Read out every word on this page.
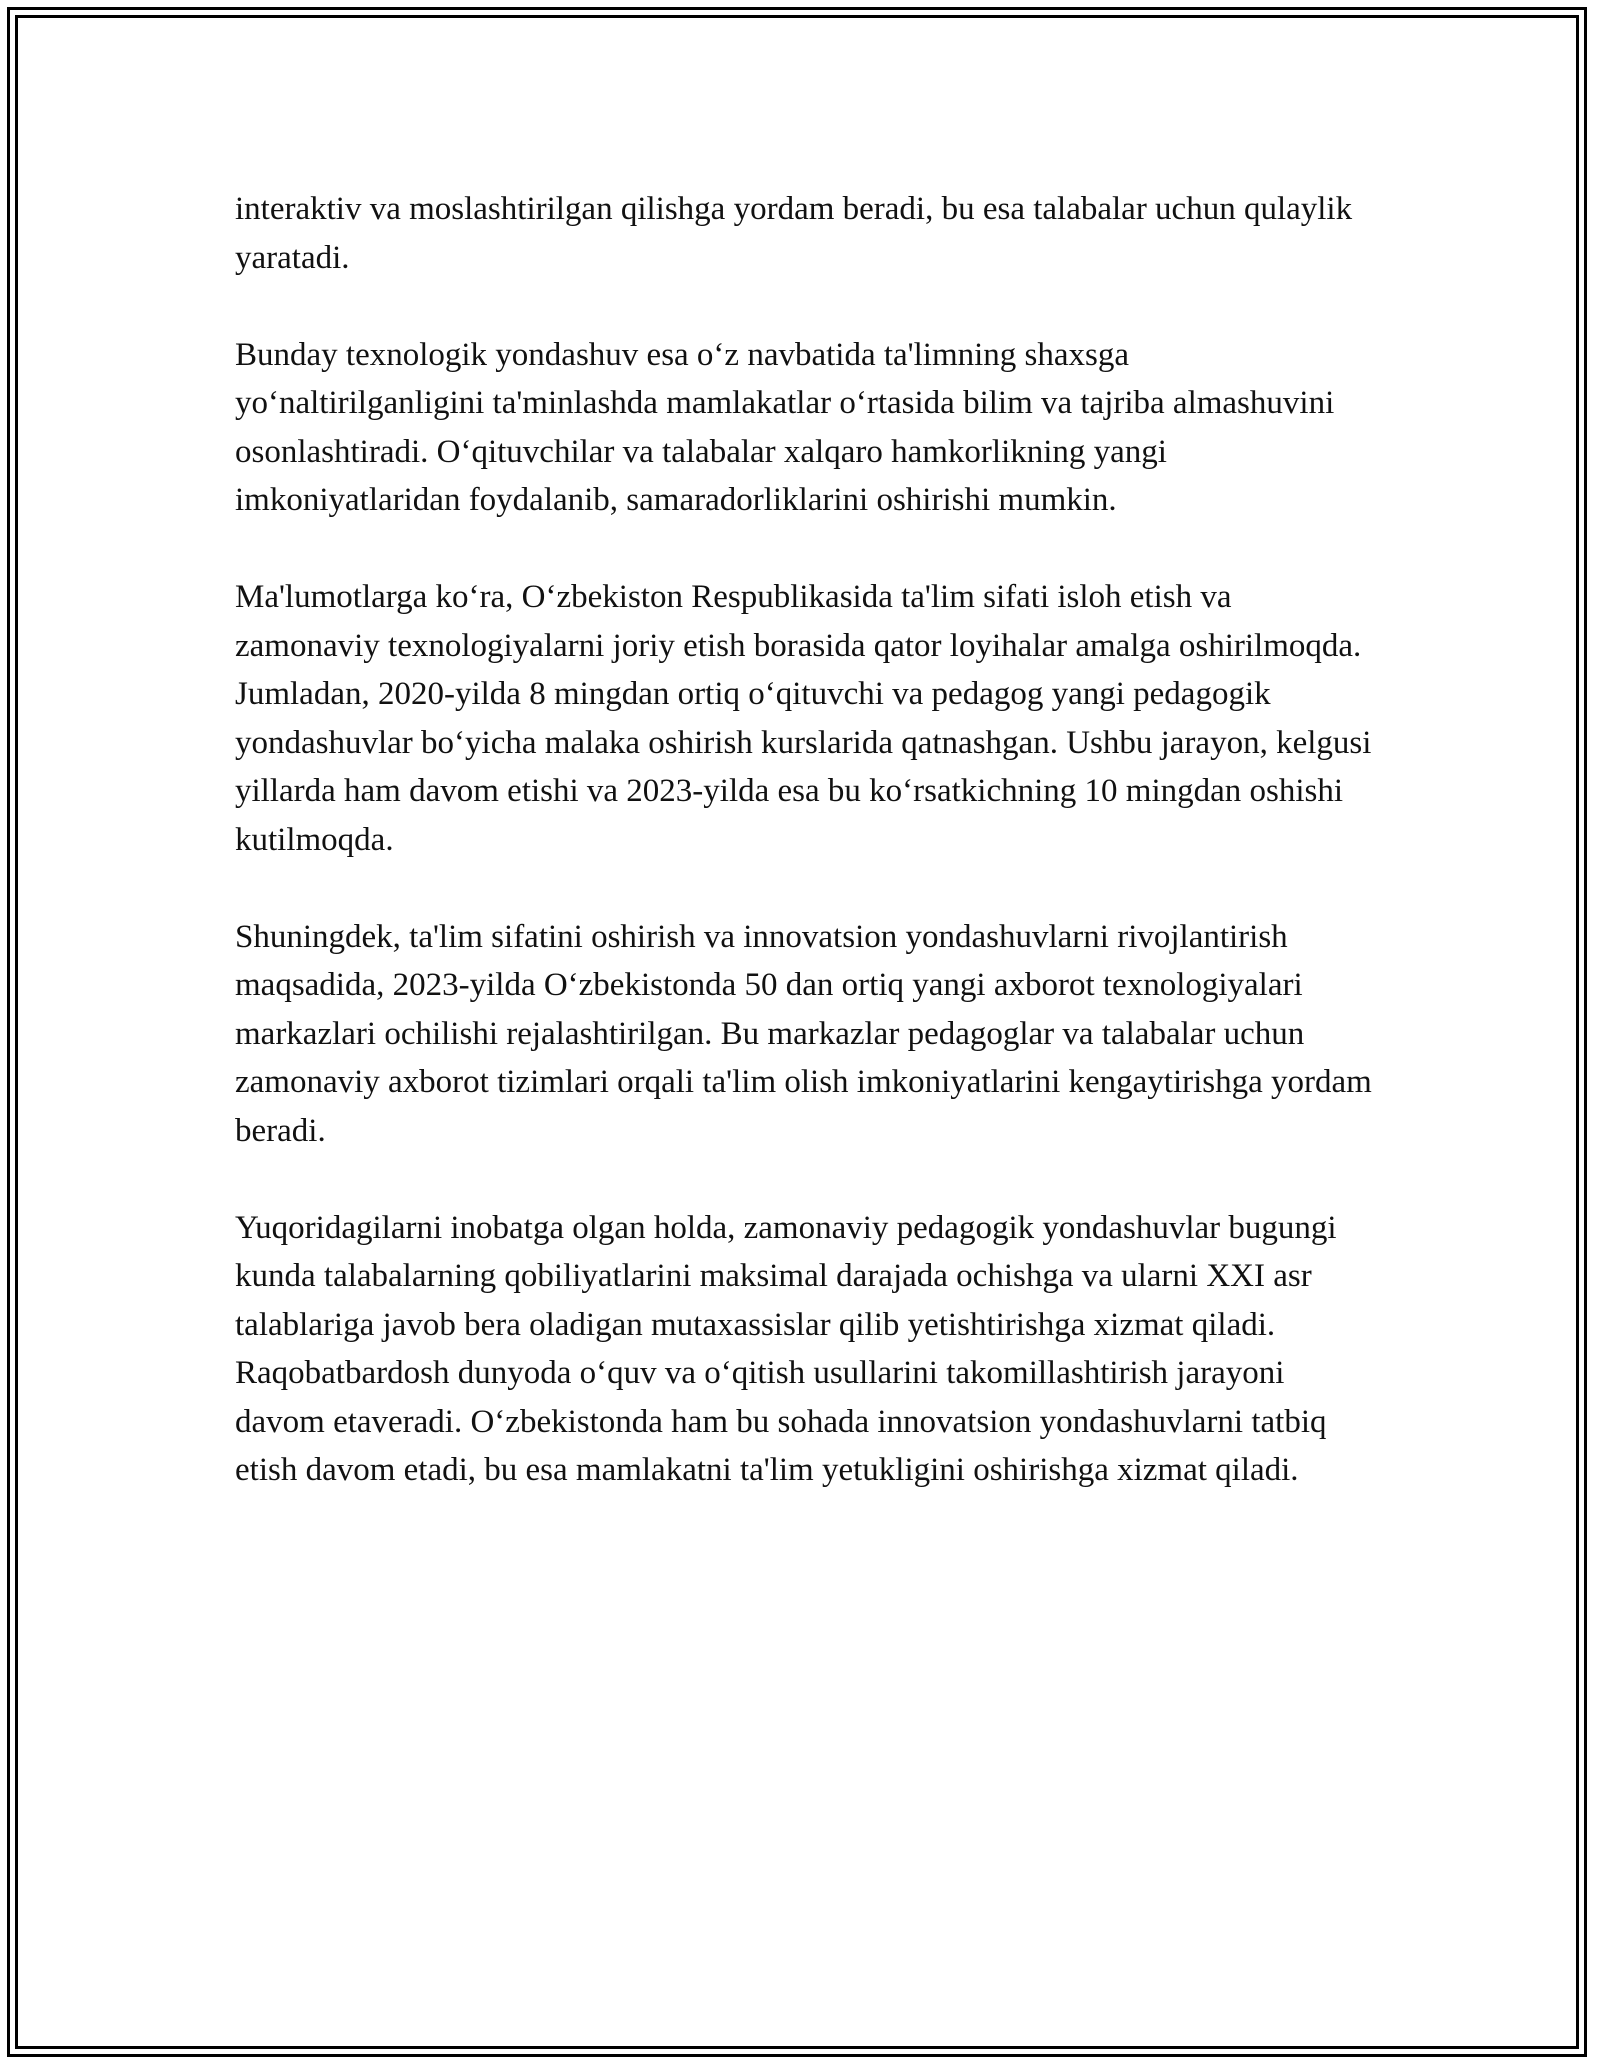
interaktiv va moslashtirilgan qilishga yordam beradi, bu esa talabalar uchun qulaylik yaratadi.

Bunday texnologik yondashuv esa o‘z navbatida ta'limning shaxsga yo‘naltirilganligini ta'minlashda mamlakatlar o‘rtasida bilim va tajriba almashuvini osonlashtiradi. O‘qituvchilar va talabalar xalqaro hamkorlikning yangi imkoniyatlaridan foydalanib, samaradorliklarini oshirishi mumkin.

Ma'lumotlarga ko‘ra, O‘zbekiston Respublikasida ta'lim sifati isloh etish va zamonaviy texnologiyalarni joriy etish borasida qator loyihalar amalga oshirilmoqda. Jumladan, 2020-yilda 8 mingdan ortiq o‘qituvchi va pedagog yangi pedagogik yondashuvlar bo‘yicha malaka oshirish kurslarida qatnashgan. Ushbu jarayon, kelgusi yillarda ham davom etishi va 2023-yilda esa bu ko‘rsatkichning 10 mingdan oshishi kutilmoqda.

Shuningdek, ta'lim sifatini oshirish va innovatsion yondashuvlarni rivojlantirish maqsadida, 2023-yilda O‘zbekistonda 50 dan ortiq yangi axborot texnologiyalari markazlari ochilishi rejalashtirilgan. Bu markazlar pedagoglar va talabalar uchun zamonaviy axborot tizimlari orqali ta'lim olish imkoniyatlarini kengaytirishga yordam beradi.

Yuqoridagilarni inobatga olgan holda, zamonaviy pedagogik yondashuvlar bugungi kunda talabalarning qobiliyatlarini maksimal darajada ochishga va ularni XXI asr talablariga javob bera oladigan mutaxassislar qilib yetishtirishga xizmat qiladi. Raqobatbardosh dunyoda o‘quv va o‘qitish usullarini takomillashtirish jarayoni davom etaveradi. O‘zbekistonda ham bu sohada innovatsion yondashuvlarni tatbiq etish davom etadi, bu esa mamlakatni ta'lim yetukligini oshirishga xizmat qiladi.
